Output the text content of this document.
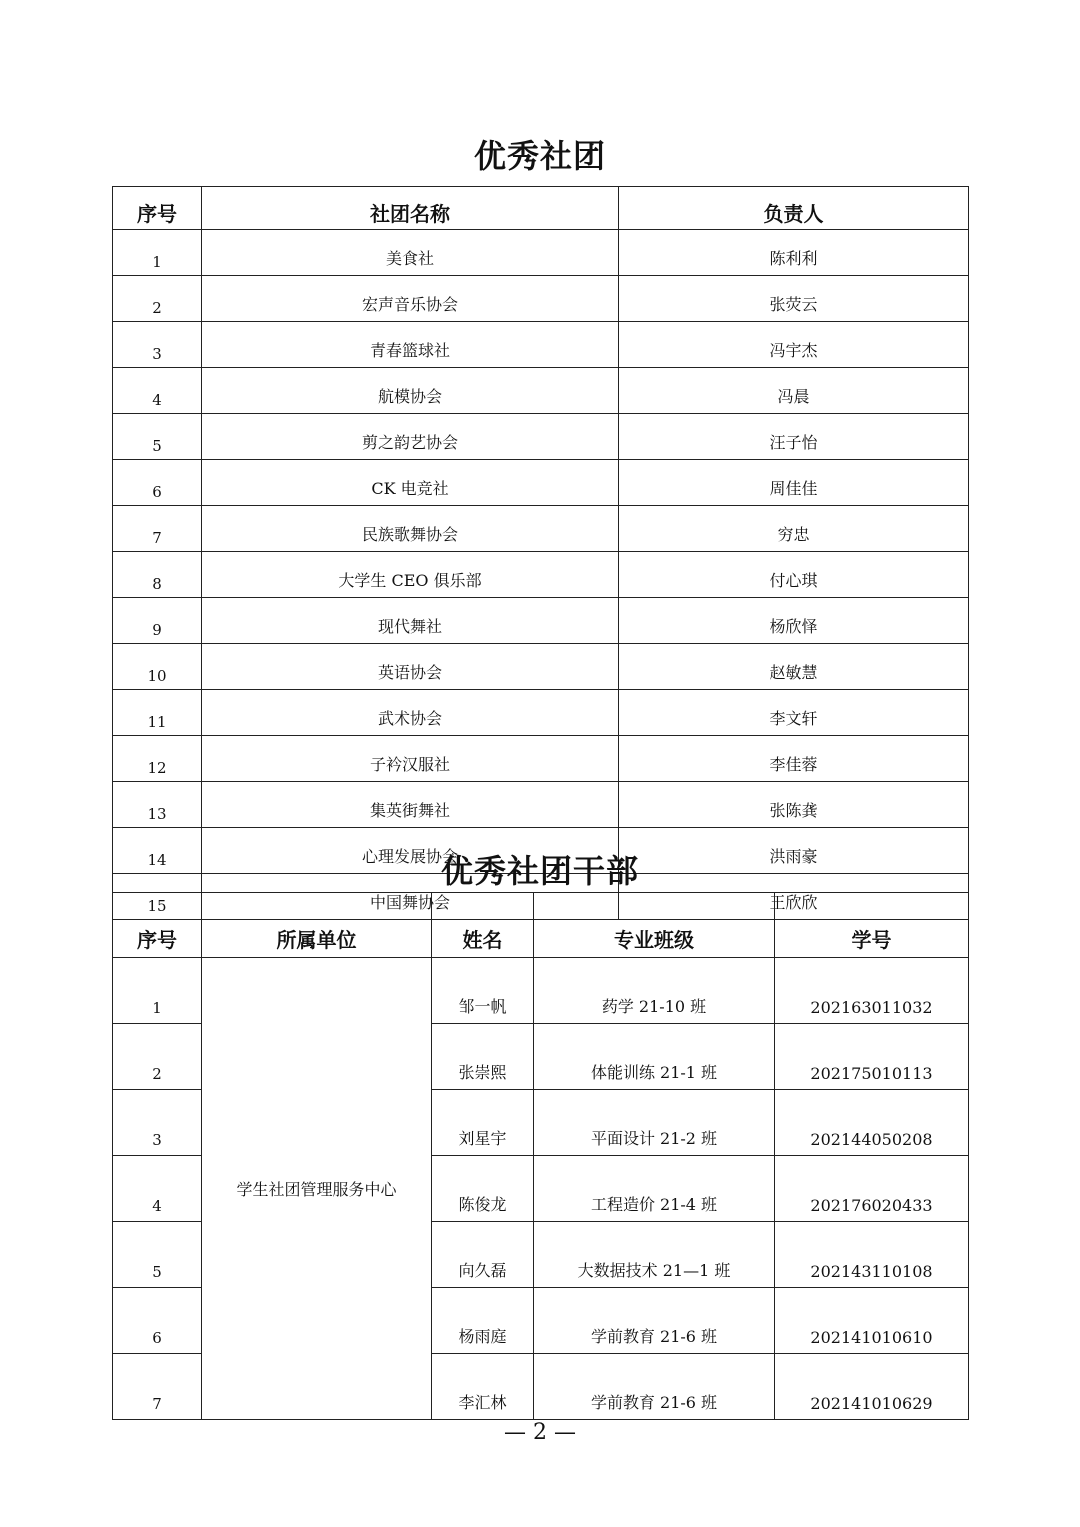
优秀社团
序号	社团名称	负责人
1	美食社	陈利利
2	宏声音乐协会	张荧云
3	青春篮球社	冯宇杰
4	航模协会	冯晨
5	剪之韵艺协会	汪子怡
6	CK 电竞社	周佳佳
7	民族歌舞协会	穷忠
8	大学生 CEO 俱乐部	付心琪
9	现代舞社	杨欣怿
10	英语协会	赵敏慧
11	武术协会	李文轩
12	子衿汉服社	李佳蓉
13	集英街舞社	张陈龚
14	心理发展协会	洪雨豪
15	中国舞协会	王欣欣
优秀社团干部
序号	所属单位	姓名	专业班级	学号
1	学生社团管理服务中心	邹一帆	药学 21-10 班	202163011032
2		张崇熙	体能训练 21-1 班	202175010113
3		刘星宇	平面设计 21-2 班	202144050208
4		陈俊龙	工程造价 21-4 班	202176020433
5		向久磊	大数据技术 21—1 班	202143110108
6		杨雨庭	学前教育 21-6 班	202141010610
7		李汇林	学前教育 21-6 班	202141010629
— 2 —
